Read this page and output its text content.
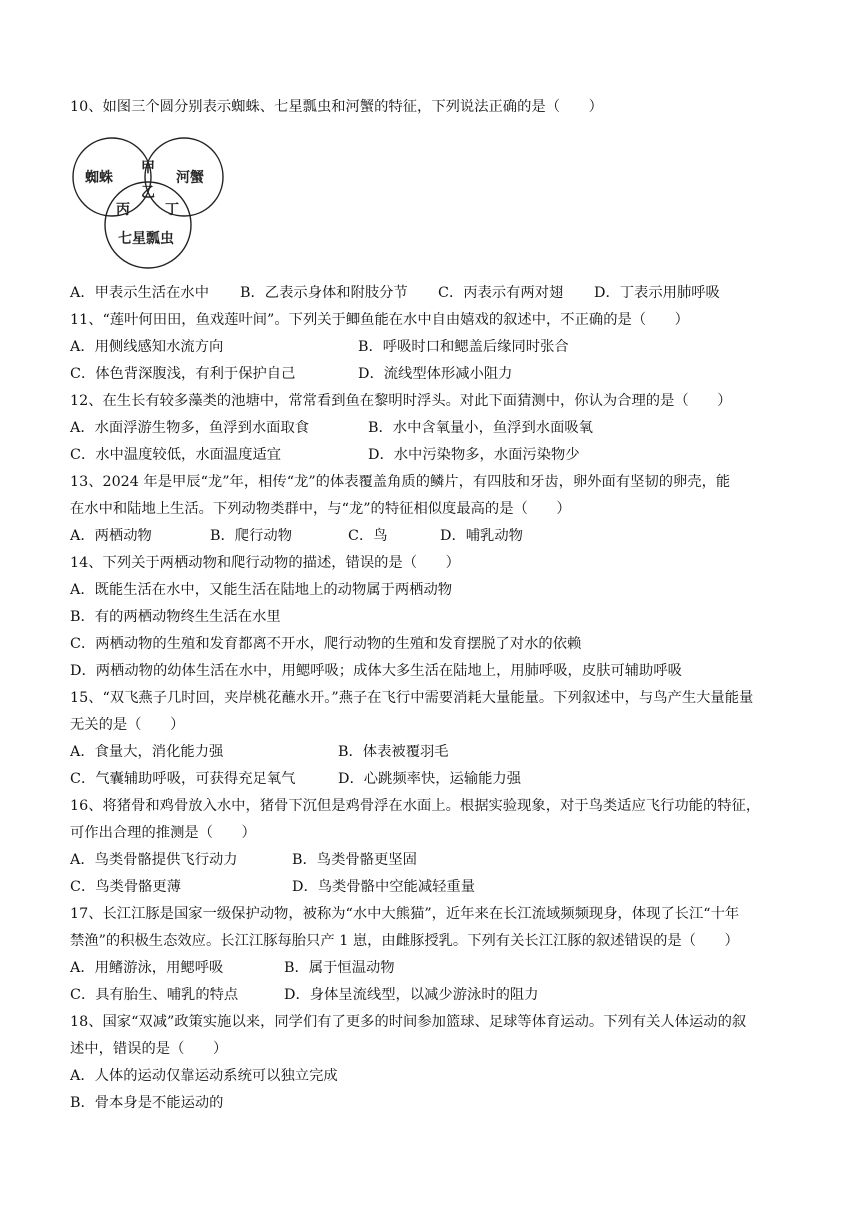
10、如图三个圆分别表示蜘蛛、七星瓢虫和河蟹的特征，下列说法正确的是（　　）
蜘蛛	河蟹
七星瓢虫
甲
乙
丙	丁
A．甲表示生活在水中 B．乙表示身体和附肢分节 C．丙表示有两对翅 D．丁表示用肺呼吸
11、“莲叶何田田，鱼戏莲叶间”。下列关于鲫鱼能在水中自由嬉戏的叙述中，不正确的是（　　）
A．用侧线感知水流方向	B．呼吸时口和鳃盖后缘同时张合
C．体色背深腹浅，有利于保护自己	D．流线型体形减小阻力
12、在生长有较多藻类的池塘中，常常看到鱼在黎明时浮头。对此下面猜测中，你认为合理的是（　　）
A．水面浮游生物多，鱼浮到水面取食	B．水中含氧量小，鱼浮到水面吸氧
C．水中温度较低，水面温度适宜	D．水中污染物多，水面污染物少
13、2024 年是甲辰“龙”年，相传“龙”的体表覆盖角质的鳞片，有四肢和牙齿，卵外面有坚韧的卵壳，能
在水中和陆地上生活。下列动物类群中，与“龙”的特征相似度最高的是（　　）
A．两栖动物	B．爬行动物	C．鸟	D．哺乳动物
14、下列关于两栖动物和爬行动物的描述，错误的是（　　）
A．既能生活在水中，又能生活在陆地上的动物属于两栖动物
B．有的两栖动物终生生活在水里
C．两栖动物的生殖和发育都离不开水，爬行动物的生殖和发育摆脱了对水的依赖
D．两栖动物的幼体生活在水中，用鳃呼吸；成体大多生活在陆地上，用肺呼吸，皮肤可辅助呼吸
15、“双飞燕子几时回，夹岸桃花蘸水开。”燕子在飞行中需要消耗大量能量。下列叙述中，与鸟产生大量能量
无关的是（　　）
A．食量大，消化能力强	B．体表被覆羽毛
C．气囊辅助呼吸，可获得充足氧气	D．心跳频率快，运输能力强
16、将猪骨和鸡骨放入水中，猪骨下沉但是鸡骨浮在水面上。根据实验现象，对于鸟类适应飞行功能的特征，
可作出合理的推测是（　　）
A．鸟类骨骼提供飞行动力	B．鸟类骨骼更坚固
C．鸟类骨骼更薄	D．鸟类骨骼中空能减轻重量
17、长江江豚是国家一级保护动物，被称为“水中大熊猫”，近年来在长江流域频频现身，体现了长江“十年
禁渔”的积极生态效应。长江江豚每胎只产 1 崽，由雌豚授乳。下列有关长江江豚的叙述错误的是（　　）
A．用鳍游泳，用鳃呼吸	B．属于恒温动物
C．具有胎生、哺乳的特点	D．身体呈流线型，以减少游泳时的阻力
18、国家“双减”政策实施以来，同学们有了更多的时间参加篮球、足球等体育运动。下列有关人体运动的叙
述中，错误的是（　　）
A．人体的运动仅靠运动系统可以独立完成
B．骨本身是不能运动的
